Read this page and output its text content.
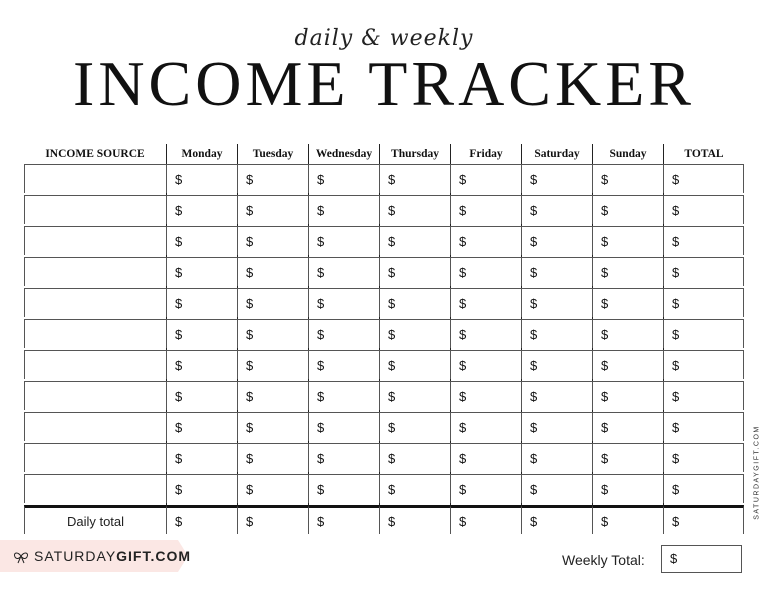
daily & weekly
INCOME TRACKER
INCOME SOURCE	Monday	Tuesday	Wednesday	Thursday	Friday	Saturday	Sunday	TOTAL
	$	$	$	$	$	$	$	$

	$	$	$	$	$	$	$	$

	$	$	$	$	$	$	$	$

	$	$	$	$	$	$	$	$

	$	$	$	$	$	$	$	$

	$	$	$	$	$	$	$	$

	$	$	$	$	$	$	$	$

	$	$	$	$	$	$	$	$

	$	$	$	$	$	$	$	$

	$	$	$	$	$	$	$	$

	$	$	$	$	$	$	$	$

Daily total	$	$	$	$	$	$	$	$
SATURDAYGIFT.COM	Weekly Total:	$
SATURDAYGIFT.COM
